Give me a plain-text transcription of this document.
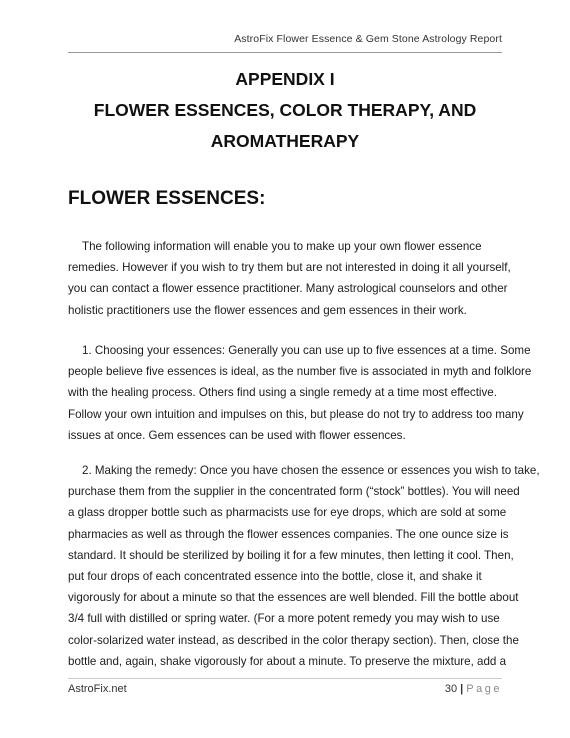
AstroFix Flower Essence & Gem Stone Astrology Report
APPENDIX I
FLOWER ESSENCES, COLOR THERAPY, AND
AROMATHERAPY
FLOWER ESSENCES:
The following information will enable you to make up your own flower essence
remedies. However if you wish to try them but are not interested in doing it all yourself,
you can contact a flower essence practitioner. Many astrological counselors and other
holistic practitioners use the flower essences and gem essences in their work.
1. Choosing your essences: Generally you can use up to five essences at a time. Some
people believe five essences is ideal, as the number five is associated in myth and folklore
with the healing process. Others find using a single remedy at a time most effective.
Follow your own intuition and impulses on this, but please do not try to address too many
issues at once. Gem essences can be used with flower essences.
2. Making the remedy: Once you have chosen the essence or essences you wish to take,
purchase them from the supplier in the concentrated form (“stock” bottles). You will need
a glass dropper bottle such as pharmacists use for eye drops, which are sold at some
pharmacies as well as through the flower essences companies. The one ounce size is
standard. It should be sterilized by boiling it for a few minutes, then letting it cool. Then,
put four drops of each concentrated essence into the bottle, close it, and shake it
vigorously for about a minute so that the essences are well blended. Fill the bottle about
3/4 full with distilled or spring water. (For a more potent remedy you may wish to use
color-solarized water instead, as described in the color therapy section). Then, close the
bottle and, again, shake vigorously for about a minute. To preserve the mixture, add a
AstroFix.net	30 | Page
